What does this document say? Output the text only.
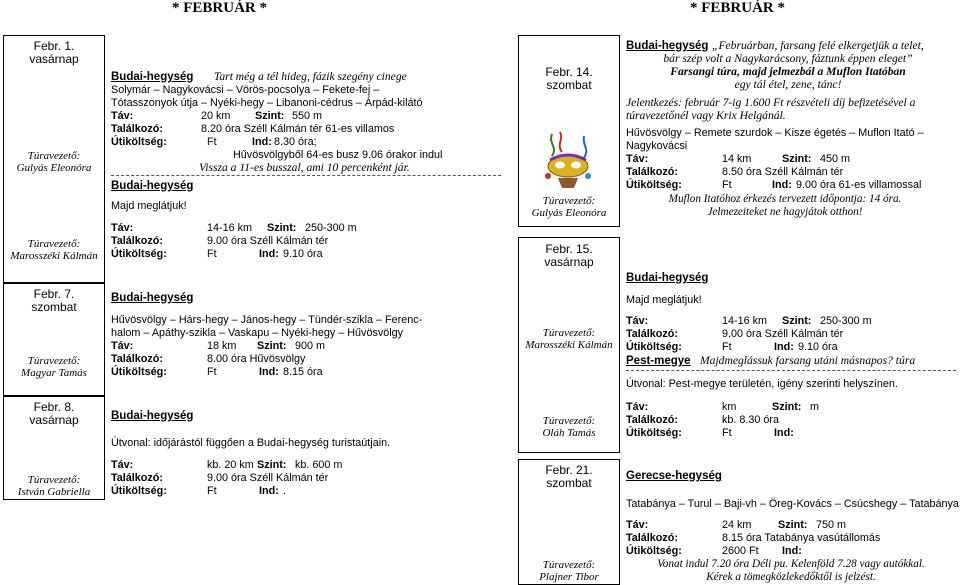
* FEBRUÁR *	* FEBRUÁR *
Febr. 1.
vasárnap
Febr. 7.
szombat
Febr. 8.
vasárnap
Túravezető:
Gulyás Eleonóra
Túravezető:
Marosszéki Kálmán
Túravezető:
Magyar Tamás
Túravezető:
István Gabriella
Budai-hegység Tart még a tél hideg, fázik szegény cinege
Solymár – Nagykovácsi – Vörös-pocsolya – Fekete-fej –
Tótasszonyok útja – Nyéki-hegy – Libanoni-cédrus – Árpád-kilátó
Táv:	20 km Szint: 550 m
Találkozó:	8.20 óra Széll Kálmán tér 61-es villamos
Útiköltség:	Ft	Ind: 8.30 óra;
Hűvösvölgyből 64-es busz 9.06 órakor indul
Vissza a 11-es busszal, ami 10 percenként jár.
Budai-hegység
Majd meglátjuk!
Táv:	14-16 km Szint: 250-300 m
Találkozó:	9.00 óra Széll Kálmán tér
Útiköltség:	Ft	Ind: 9.10 óra
Budai-hegység
Hűvösvölgy – Hárs-hegy – János-hegy – Tündér-szikla – Ferenc-
halom – Apáthy-szikla – Vaskapu – Nyéki-hegy – Hűvösvölgy
Táv:	18 km Szint: 900 m
Találkozó:	8.00 óra Hűvösvölgy
Útiköltség:	Ft	Ind: 8.15 óra
Budai-hegység
Útvonal: időjárástól függően a Budai-hegység turistaútjain.
Táv:	kb. 20 km Szint: kb. 600 m
Találkozó:	9.00 óra Széll Kálmán tér
Útiköltség:	Ft	Ind: .
Febr. 14.
szombat
Febr. 15.
vasárnap
Febr. 21.
szombat
Túravezető:
Gulyás Eleonóra
Túravezető:
Marosszéki Kálmán
Túravezető:
Oláh Tamás
Túravezető:
Plajner Tibor
Budai-hegység „Februárban, farsang felé elkergetjük a telet,
bár szép volt a Nagykarácsony, fáztunk éppen eleget”
Farsangi túra, majd jelmezbál a Muflon Itatóban
egy tál étel, zene, tánc!
Jelentkezés: február 7-ig 1.600 Ft részvételi díj befizetésével a
túravezetőnél vagy Krix Helgánál.
Hűvösvölgy – Remete szurdok – Kisze égetés – Muflon Itató –
Nagykovácsi
Táv:	14 km	Szint: 450 m
Találkozó:	8.50 óra Széll Kálmán tér
Útiköltség:	Ft	Ind: 9.00 óra 61-es villamossal
Muflon Itatóhoz érkezés tervezett időpontja: 14 óra.
Jelmezeiteket ne hagyjátok otthon!
Budai-hegység
Majd meglátjuk!
Táv:	14-16 km Szint: 250-300 m
Találkozó:	9.00 óra Széll Kálmán tér
Útiköltség:	Ft	Ind: 9.10 óra
Pest-megye Majdmeglássuk farsang utáni másnapos? túra
Útvonal: Pest-megye területén, igény szerinti helyszínen.
Táv:	km	Szint: m
Találkozó:	kb. 8.30 óra
Útiköltség:	Ft	Ind:
Gerecse-hegység
Tatabánya – Turul – Baji-vh – Öreg-Kovács – Csúcshegy – Tatabánya
Táv:	24 km Szint: 750 m
Találkozó:	8.15 óra Tatabánya vasútállomás
Útiköltség:	2600 Ft Ind:
Vonat indul 7.20 óra Déli pu. Kelenföld 7.28 vagy autókkal.
Kérek a tömegközlekedőktől is jelzést.
